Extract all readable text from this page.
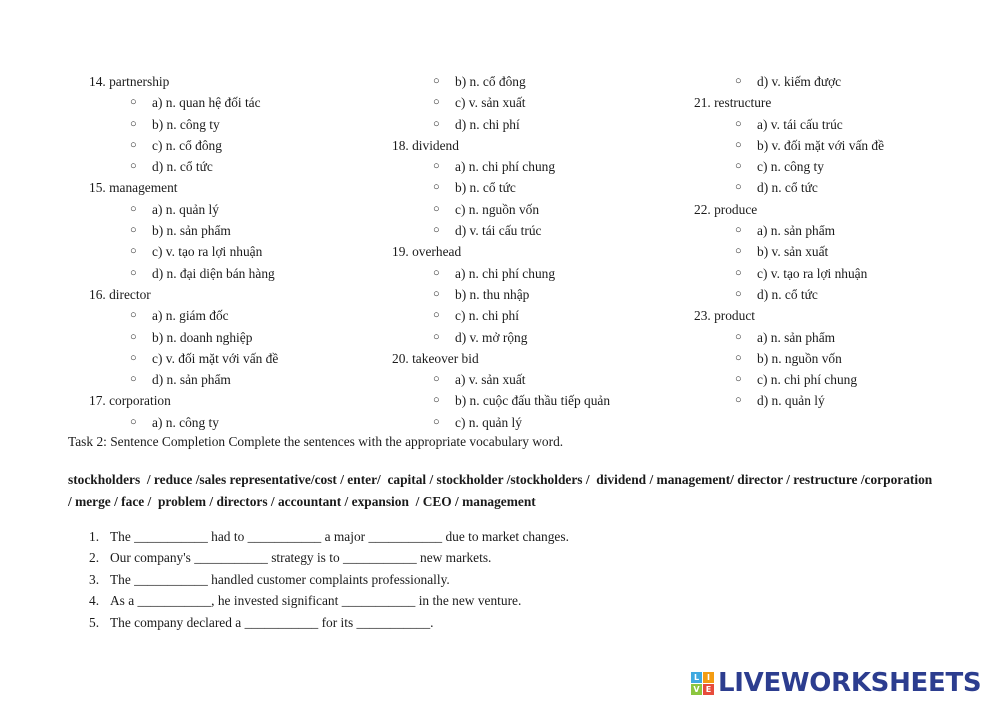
14. partnership
○ a) n. quan hệ đối tác
○ b) n. công ty
○ c) n. cổ đông
○ d) n. cổ tức
15. management
○ a) n. quản lý
○ b) n. sản phẩm
○ c) v. tạo ra lợi nhuận
○ d) n. đại diện bán hàng
16. director
○ a) n. giám đốc
○ b) n. doanh nghiệp
○ c) v. đối mặt với vấn đề
○ d) n. sản phẩm
17. corporation
○ a) n. công ty
○ b) n. cổ đông
○ c) v. sản xuất
○ d) n. chi phí
18. dividend
○ a) n. chi phí chung
○ b) n. cổ tức
○ c) n. nguồn vốn
○ d) v. tái cấu trúc
19. overhead
○ a) n. chi phí chung
○ b) n. thu nhập
○ c) n. chi phí
○ d) v. mở rộng
20. takeover bid
○ a) v. sản xuất
○ b) n. cuộc đấu thầu tiếp quản
○ c) n. quản lý
○ d) v. kiếm được
21. restructure
○ a) v. tái cấu trúc
○ b) v. đối mặt với vấn đề
○ c) n. công ty
○ d) n. cổ tức
22. produce
○ a) n. sản phẩm
○ b) v. sản xuất
○ c) v. tạo ra lợi nhuận
○ d) n. cổ tức
23. product
○ a) n. sản phẩm
○ b) n. nguồn vốn
○ c) n. chi phí chung
○ d) n. quản lý
Task 2: Sentence Completion Complete the sentences with the appropriate vocabulary word.
stockholders  / reduce /sales representative/cost / enter/  capital / stockholder /stockholders /  dividend / management/ director / restructure /corporation  / merge / face /  problem / directors / accountant / expansion  / CEO / management
1. The ___________ had to ___________ a major ___________ due to market changes.
2. Our company's ___________ strategy is to ___________ new markets.
3. The ___________ handled customer complaints professionally.
4. As a ___________, he invested significant ___________ in the new venture.
5. The company declared a ___________ for its ___________.
L I
V E LIVEWORKSHEETS
